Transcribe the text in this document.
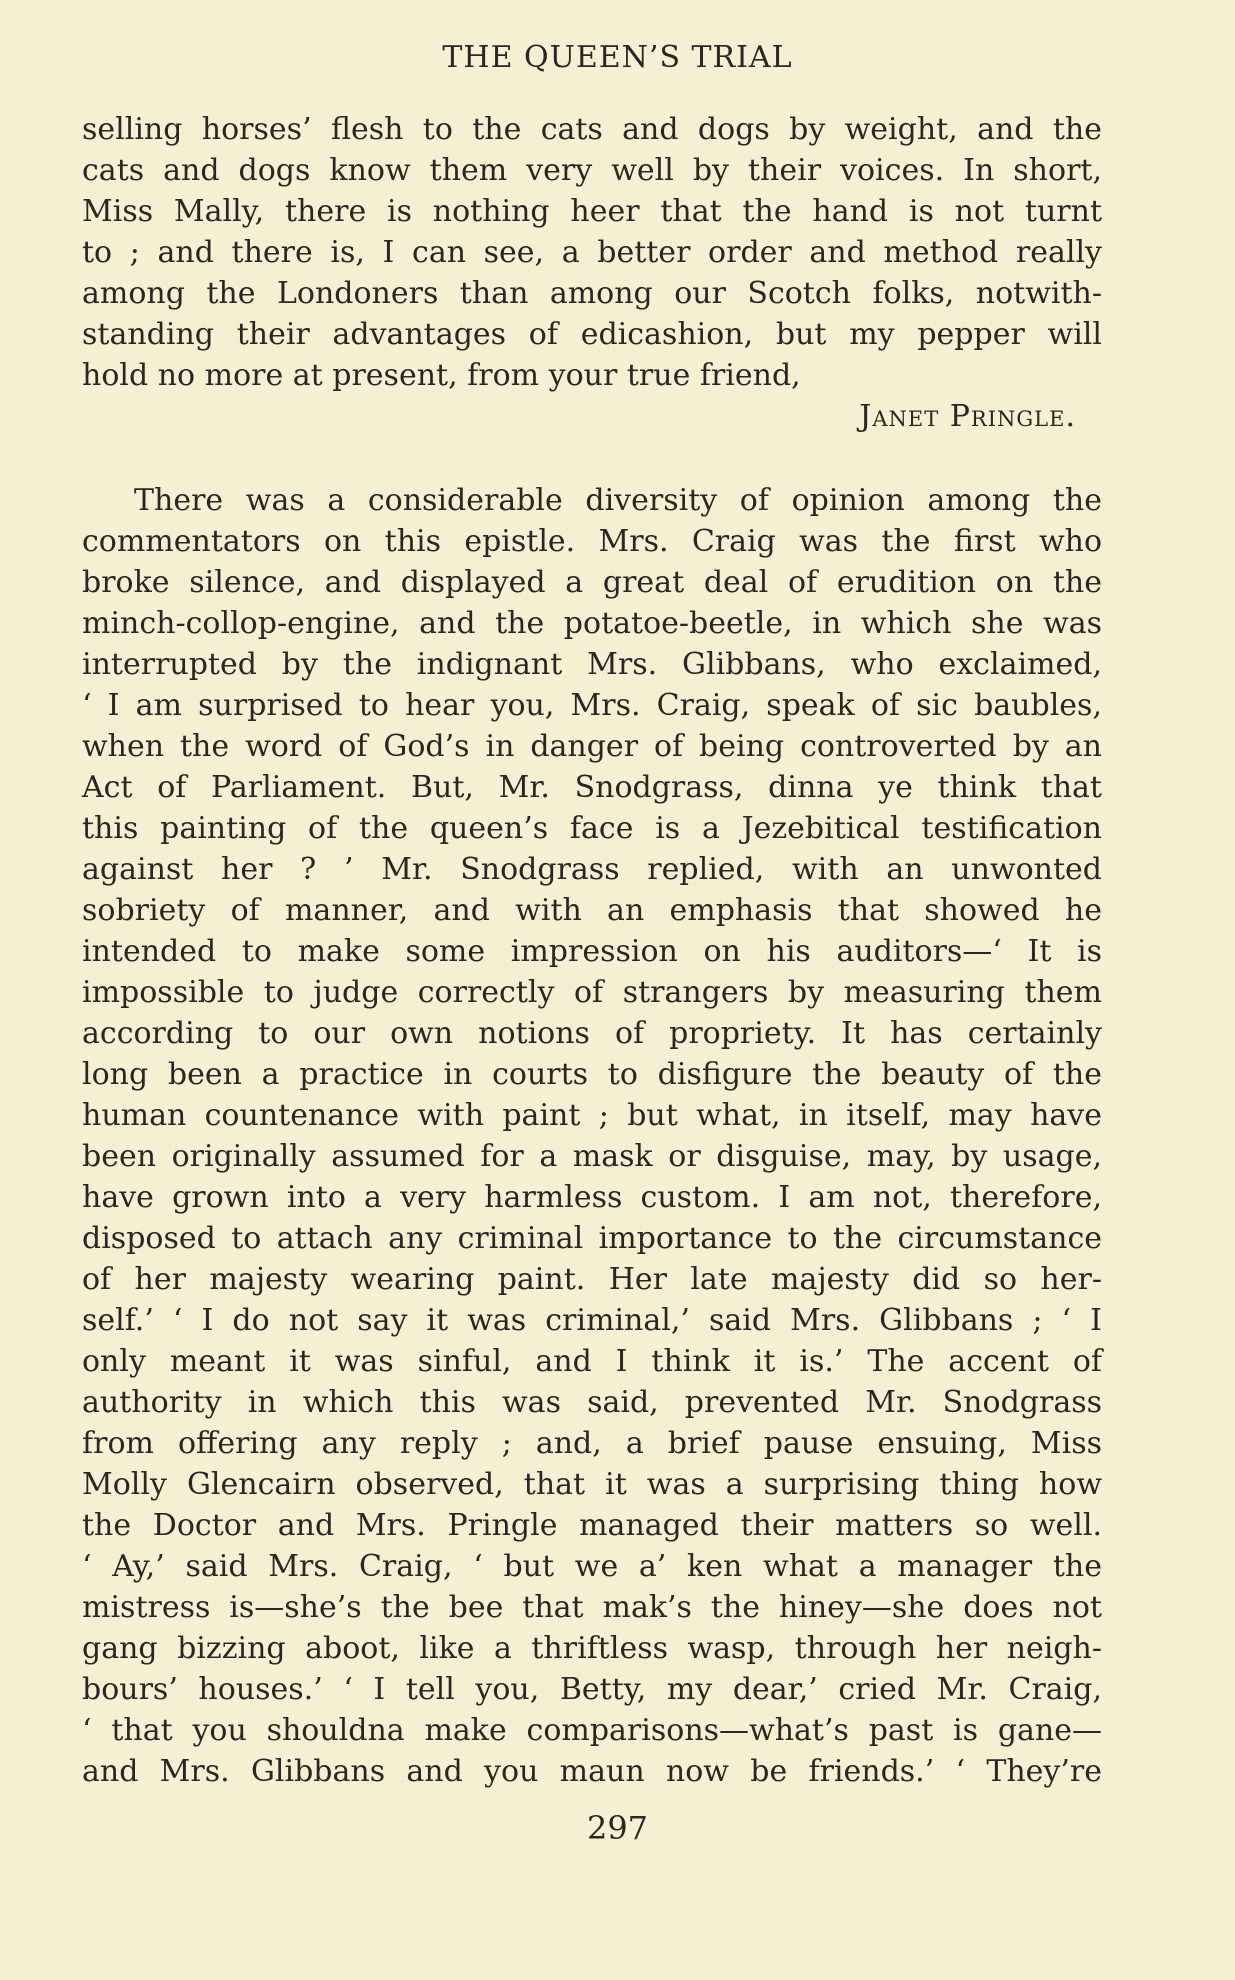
THE QUEEN’S TRIAL
selling horses’ flesh to the cats and dogs by weight, and the
cats and dogs know them very well by their voices. In short,
Miss Mally, there is nothing heer that the hand is not turnt
to ; and there is, I can see, a better order and method really
among the Londoners than among our Scotch folks, notwith-
standing their advantages of edicashion, but my pepper will
hold no more at present, from your true friend,
Janet Pringle.
There was a considerable diversity of opinion among the
commentators on this epistle. Mrs. Craig was the first who
broke silence, and displayed a great deal of erudition on the
minch-collop-engine, and the potatoe-beetle, in which she was
interrupted by the indignant Mrs. Glibbans, who exclaimed,
‘ I am surprised to hear you, Mrs. Craig, speak of sic baubles,
when the word of God’s in danger of being controverted by an
Act of Parliament. But, Mr. Snodgrass, dinna ye think that
this painting of the queen’s face is a Jezebitical testification
against her ? ’ Mr. Snodgrass replied, with an unwonted
sobriety of manner, and with an emphasis that showed he
intended to make some impression on his auditors—‘ It is
impossible to judge correctly of strangers by measuring them
according to our own notions of propriety. It has certainly
long been a practice in courts to disfigure the beauty of the
human countenance with paint ; but what, in itself, may have
been originally assumed for a mask or disguise, may, by usage,
have grown into a very harmless custom. I am not, therefore,
disposed to attach any criminal importance to the circumstance
of her majesty wearing paint. Her late majesty did so her-
self.’ ‘ I do not say it was criminal,’ said Mrs. Glibbans ; ‘ I
only meant it was sinful, and I think it is.’ The accent of
authority in which this was said, prevented Mr. Snodgrass
from offering any reply ; and, a brief pause ensuing, Miss
Molly Glencairn observed, that it was a surprising thing how
the Doctor and Mrs. Pringle managed their matters so well.
‘ Ay,’ said Mrs. Craig, ‘ but we a’ ken what a manager the
mistress is—she’s the bee that mak’s the hiney—she does not
gang bizzing aboot, like a thriftless wasp, through her neigh-
bours’ houses.’ ‘ I tell you, Betty, my dear,’ cried Mr. Craig,
‘ that you shouldna make comparisons—what’s past is gane—
and Mrs. Glibbans and you maun now be friends.’ ‘ They’re
297
